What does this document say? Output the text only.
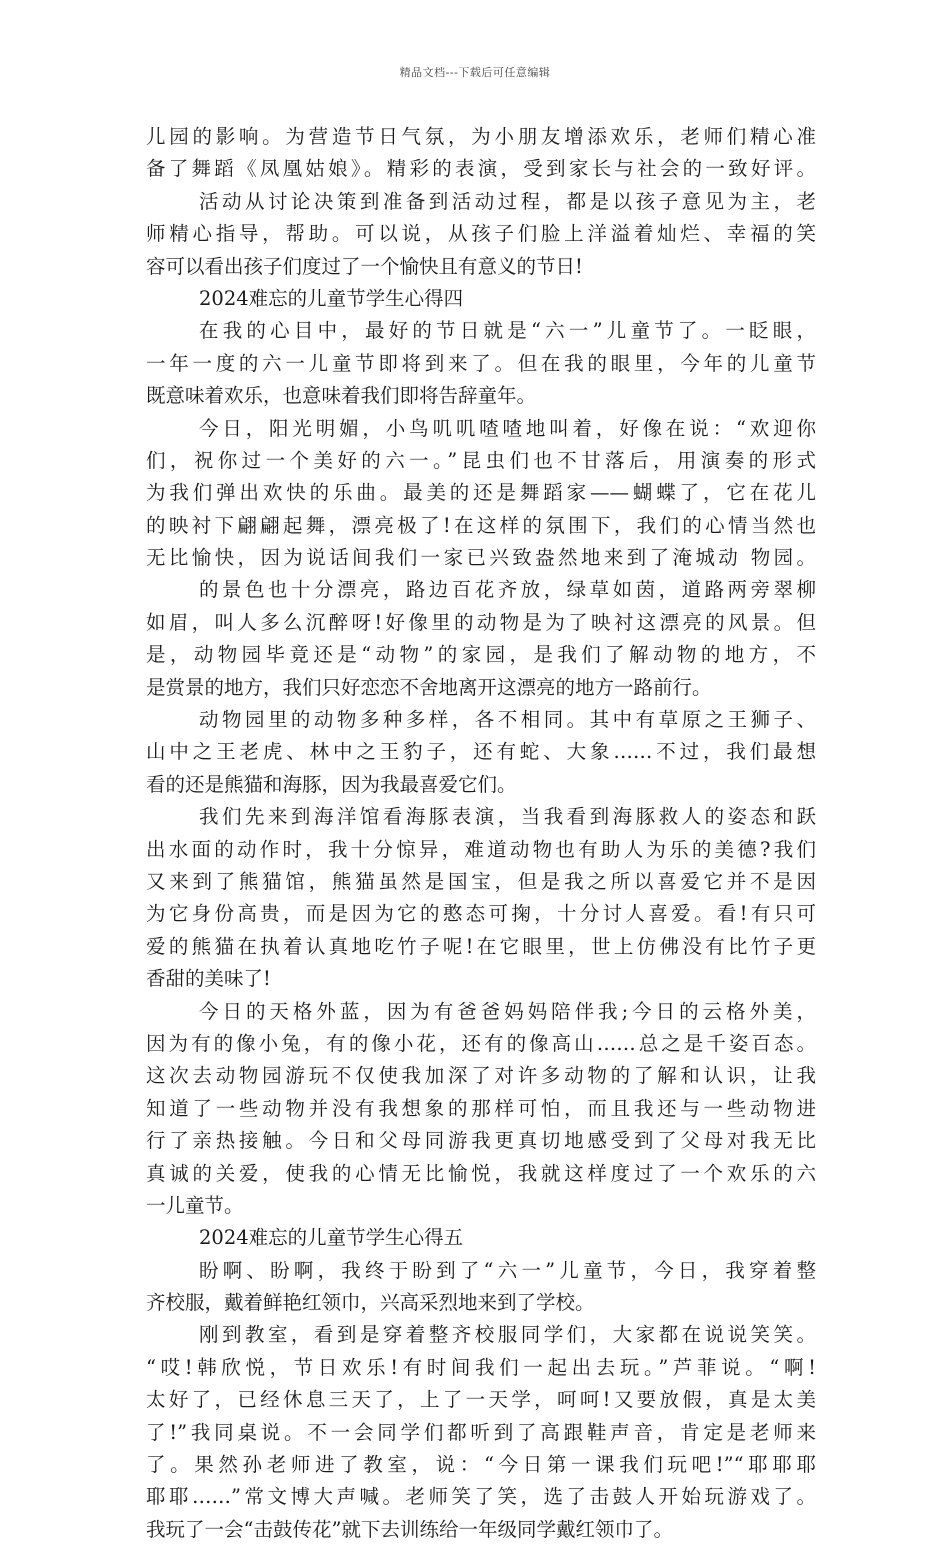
精品文档---下载后可任意编辑
儿园的影响。为营造节日气氛，为小朋友增添欢乐，老师们精心准
备了舞蹈《凤凰姑娘》。精彩的表演，受到家长与社会的一致好评。
活动从讨论决策到准备到活动过程，都是以孩子意见为主，老
师精心指导，帮助。可以说，从孩子们脸上洋溢着灿烂、幸福的笑
容可以看出孩子们度过了一个愉快且有意义的节日!
2024难忘的儿童节学生心得四
在我的心目中，最好的节日就是“六一”儿童节了。一眨眼，
一年一度的六一儿童节即将到来了。但在我的眼里，今年的儿童节
既意味着欢乐，也意味着我们即将告辞童年。
今日，阳光明媚，小鸟叽叽喳喳地叫着，好像在说：“欢迎你
们，祝你过一个美好的六一。”昆虫们也不甘落后，用演奏的形式
为我们弹出欢快的乐曲。最美的还是舞蹈家——蝴蝶了，它在花儿
的映衬下翩翩起舞，漂亮极了!在这样的氛围下，我们的心情当然也
无比愉快，因为说话间我们一家已兴致盎然地来到了淹城动 物园。
的景色也十分漂亮，路边百花齐放，绿草如茵，道路两旁翠柳
如眉，叫人多么沉醉呀!好像里的动物是为了映衬这漂亮的风景。但
是，动物园毕竟还是“动物”的家园，是我们了解动物的地方，不
是赏景的地方，我们只好恋恋不舍地离开这漂亮的地方一路前行。
动物园里的动物多种多样，各不相同。其中有草原之王狮子、
山中之王老虎、林中之王豹子，还有蛇、大象……不过，我们最想
看的还是熊猫和海豚，因为我最喜爱它们。
我们先来到海洋馆看海豚表演，当我看到海豚救人的姿态和跃
出水面的动作时，我十分惊异，难道动物也有助人为乐的美德?我们
又来到了熊猫馆，熊猫虽然是国宝，但是我之所以喜爱它并不是因
为它身份高贵，而是因为它的憨态可掬，十分讨人喜爱。看!有只可
爱的熊猫在执着认真地吃竹子呢!在它眼里，世上仿佛没有比竹子更
香甜的美味了!
今日的天格外蓝，因为有爸爸妈妈陪伴我;今日的云格外美，
因为有的像小兔，有的像小花，还有的像高山……总之是千姿百态。
这次去动物园游玩不仅使我加深了对许多动物的了解和认识，让我
知道了一些动物并没有我想象的那样可怕，而且我还与一些动物进
行了亲热接触。今日和父母同游我更真切地感受到了父母对我无比
真诚的关爱，使我的心情无比愉悦，我就这样度过了一个欢乐的六
一儿童节。
2024难忘的儿童节学生心得五
盼啊、盼啊，我终于盼到了“六一”儿童节，今日，我穿着整
齐校服，戴着鲜艳红领巾，兴高采烈地来到了学校。
刚到教室，看到是穿着整齐校服同学们，大家都在说说笑笑。
“哎!韩欣悦，节日欢乐!有时间我们一起出去玩。”芦菲说。“啊!
太好了，已经休息三天了，上了一天学，呵呵!又要放假，真是太美
了!”我同桌说。不一会同学们都听到了高跟鞋声音，肯定是老师来
了。果然孙老师进了教室，说：“今日第一课我们玩吧!”“耶耶耶
耶耶……”常文博大声喊。老师笑了笑，选了击鼓人开始玩游戏了。
我玩了一会“击鼓传花”就下去训练给一年级同学戴红领巾了。
